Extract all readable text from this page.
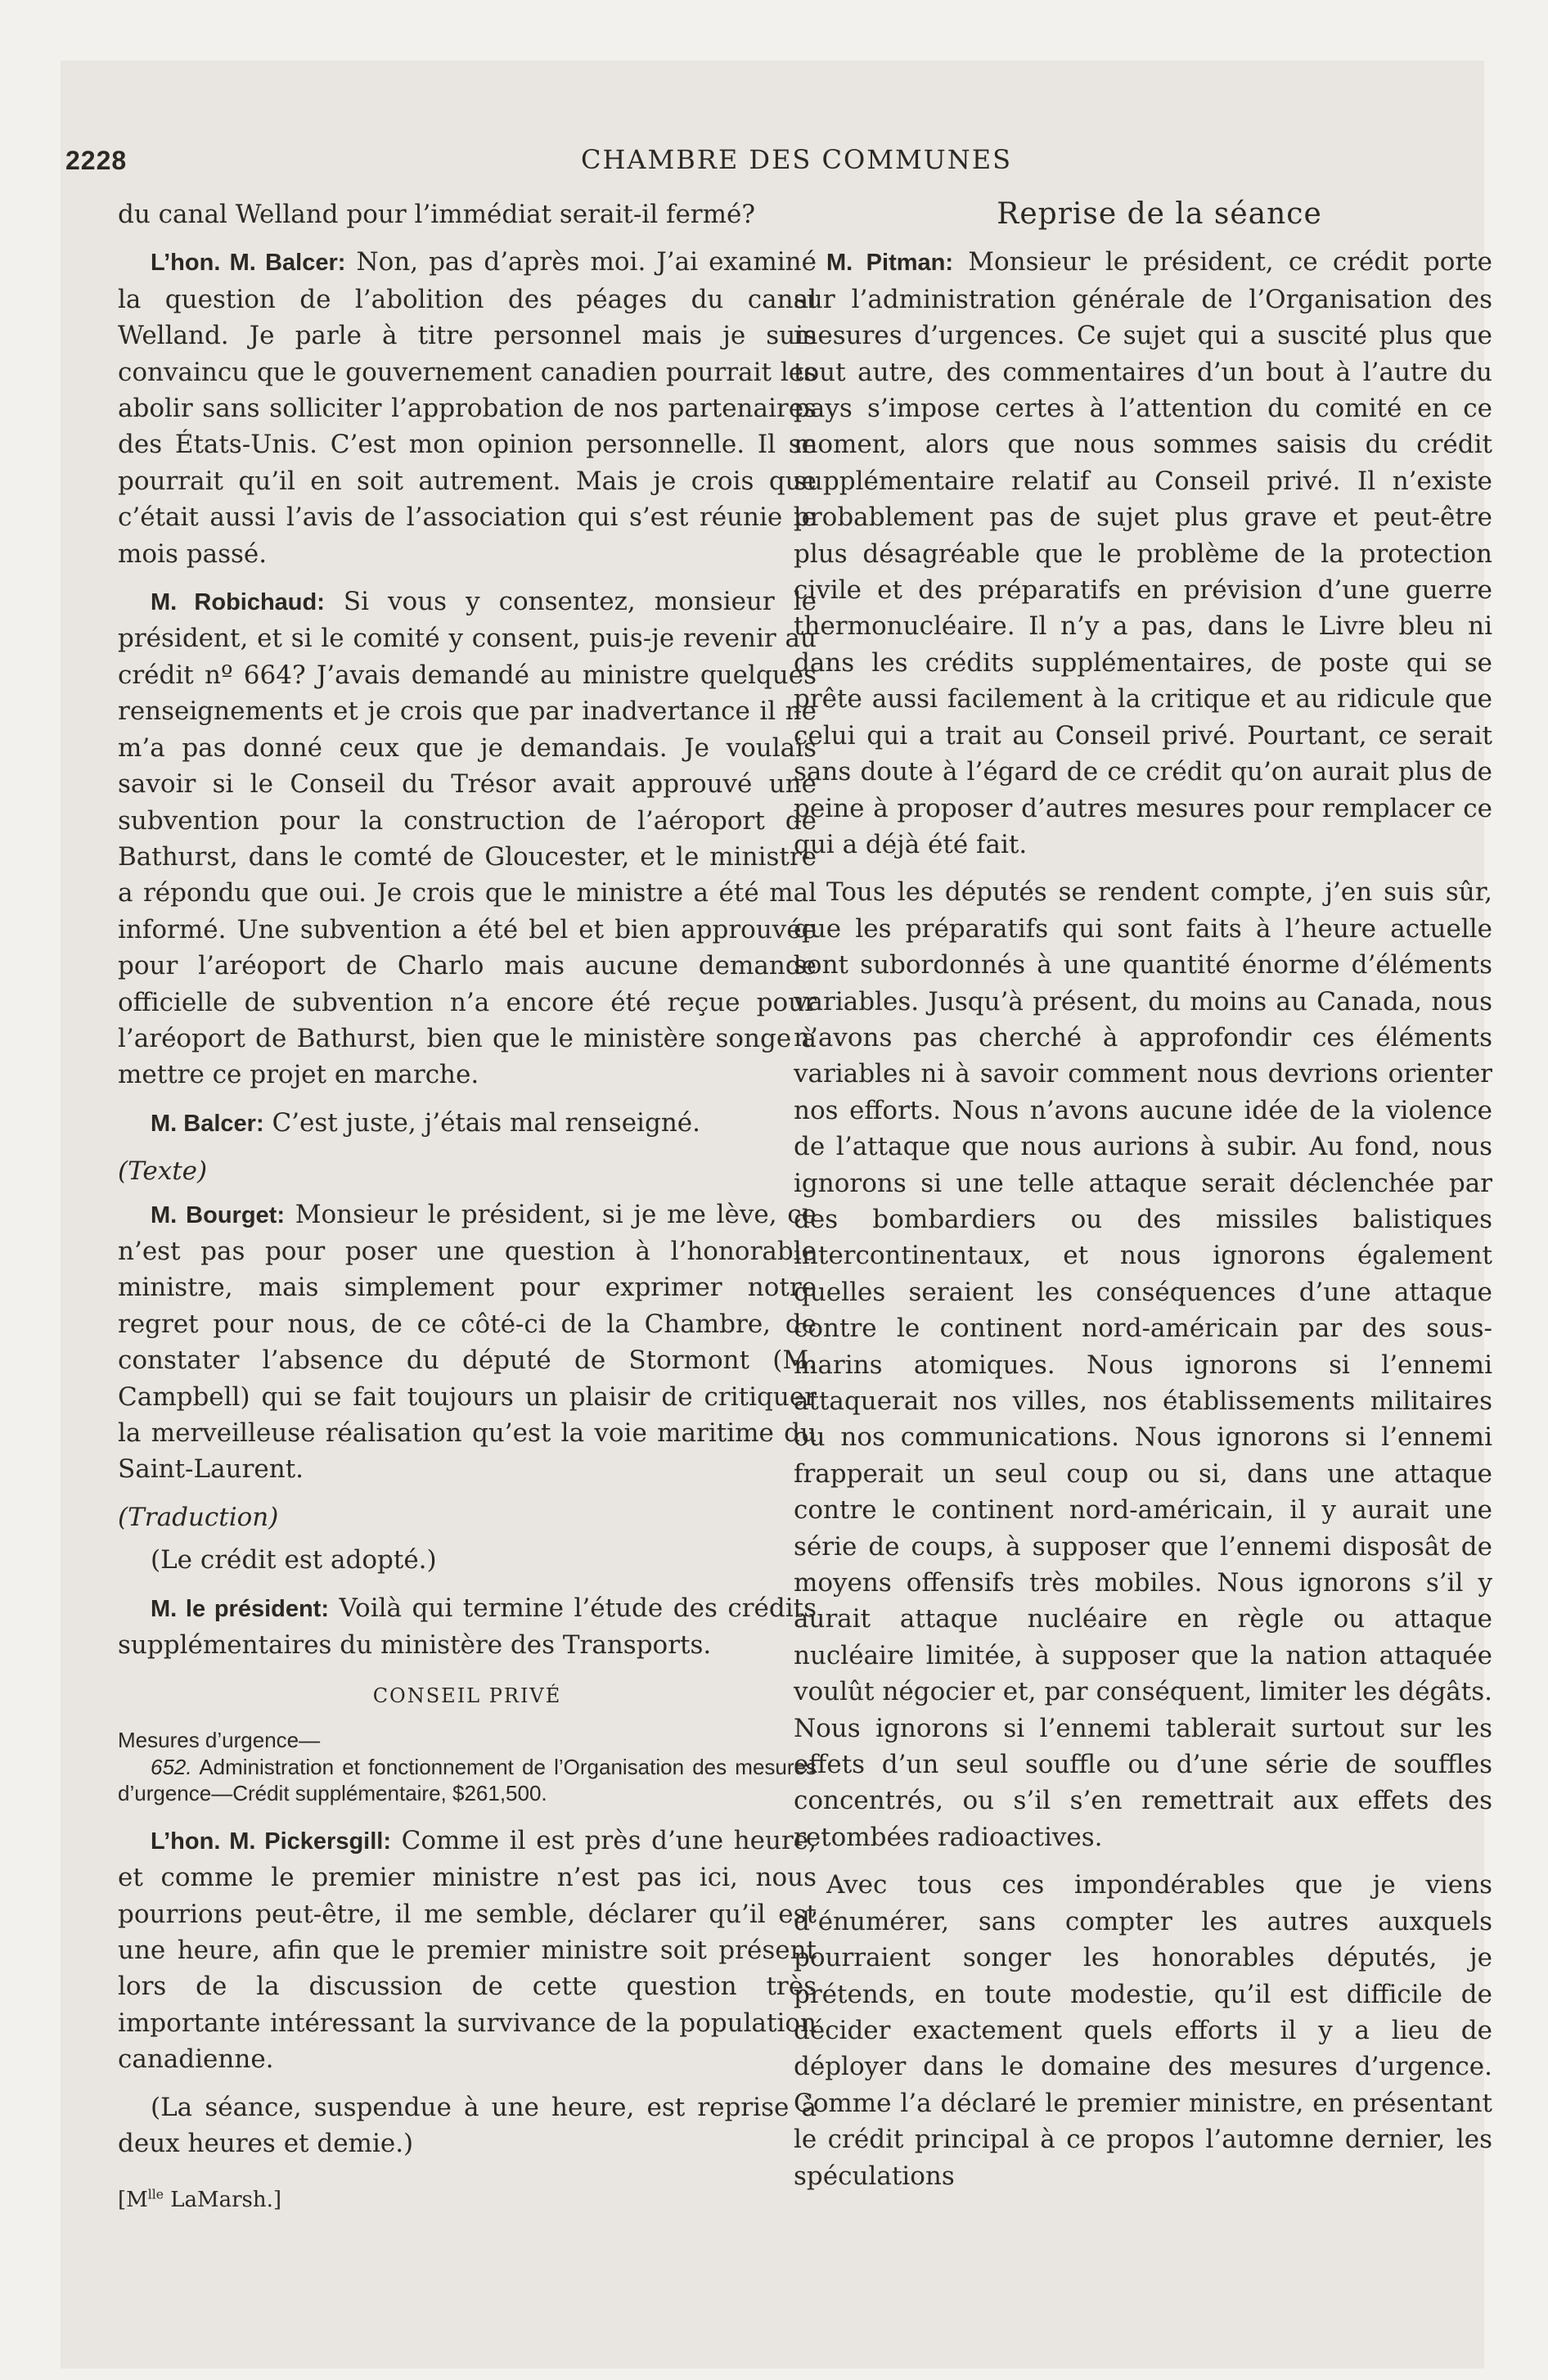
2228	CHAMBRE DES COMMUNES

du canal Welland pour l’immédiat serait-il fermé?

L’hon. M. Balcer: Non, pas d’après moi. J’ai examiné la question de l’abolition des péages du canal Welland. Je parle à titre personnel mais je suis convaincu que le gouvernement canadien pourrait les abolir sans solliciter l’approbation de nos partenaires des États-Unis. C’est mon opinion personnelle. Il se pourrait qu’il en soit autrement. Mais je crois que c’était aussi l’avis de l’association qui s’est réunie le mois passé.

M. Robichaud: Si vous y consentez, monsieur le président, et si le comité y consent, puis-je revenir au crédit nº 664? J’avais demandé au ministre quelques renseignements et je crois que par inadvertance il ne m’a pas donné ceux que je demandais. Je voulais savoir si le Conseil du Trésor avait approuvé une subvention pour la construction de l’aéroport de Bathurst, dans le comté de Gloucester, et le ministre a répondu que oui. Je crois que le ministre a été mal informé. Une subvention a été bel et bien approuvée pour l’aréoport de Charlo mais aucune demande officielle de subvention n’a encore été reçue pour l’aréoport de Bathurst, bien que le ministère songe à mettre ce projet en marche.

M. Balcer: C’est juste, j’étais mal renseigné.

(Texte)

M. Bourget: Monsieur le président, si je me lève, ce n’est pas pour poser une question à l’honorable ministre, mais simplement pour exprimer notre regret pour nous, de ce côté-ci de la Chambre, de constater l’absence du député de Stormont (M. Campbell) qui se fait toujours un plaisir de critiquer la merveilleuse réalisation qu’est la voie maritime du Saint-Laurent.

(Traduction)

(Le crédit est adopté.)

M. le président: Voilà qui termine l’étude des crédits supplémentaires du ministère des Transports.

CONSEIL PRIVÉ

Mesures d’urgence—

652. Administration et fonctionnement de l’Organisation des mesures d’urgence—Crédit supplémentaire, $261,500.

L’hon. M. Pickersgill: Comme il est près d’une heure, et comme le premier ministre n’est pas ici, nous pourrions peut-être, il me semble, déclarer qu’il est une heure, afin que le premier ministre soit présent lors de la discussion de cette question très importante intéressant la survivance de la population canadienne.

(La séance, suspendue à une heure, est reprise à deux heures et demie.)

[$M^{lle}$ LaMarsh.]

Reprise de la séance

M. Pitman: Monsieur le président, ce crédit porte sur l’administration générale de l’Organisation des mesures d’urgences. Ce sujet qui a suscité plus que tout autre, des commentaires d’un bout à l’autre du pays s’impose certes à l’attention du comité en ce moment, alors que nous sommes saisis du crédit supplémentaire relatif au Conseil privé. Il n’existe probablement pas de sujet plus grave et peut-être plus désagréable que le problème de la protection civile et des préparatifs en prévision d’une guerre thermonucléaire. Il n’y a pas, dans le Livre bleu ni dans les crédits supplémentaires, de poste qui se prête aussi facilement à la critique et au ridicule que celui qui a trait au Conseil privé. Pourtant, ce serait sans doute à l’égard de ce crédit qu’on aurait plus de peine à proposer d’autres mesures pour remplacer ce qui a déjà été fait.

Tous les députés se rendent compte, j’en suis sûr, que les préparatifs qui sont faits à l’heure actuelle sont subordonnés à une quantité énorme d’éléments variables. Jusqu’à présent, du moins au Canada, nous n’avons pas cherché à approfondir ces éléments variables ni à savoir comment nous devrions orienter nos efforts. Nous n’avons aucune idée de la violence de l’attaque que nous aurions à subir. Au fond, nous ignorons si une telle attaque serait déclenchée par des bombardiers ou des missiles balistiques intercontinentaux, et nous ignorons également quelles seraient les conséquences d’une attaque contre le continent nord-américain par des sous-marins atomiques. Nous ignorons si l’ennemi attaquerait nos villes, nos établissements militaires ou nos communications. Nous ignorons si l’ennemi frapperait un seul coup ou si, dans une attaque contre le continent nord-américain, il y aurait une série de coups, à supposer que l’ennemi disposât de moyens offensifs très mobiles. Nous ignorons s’il y aurait attaque nucléaire en règle ou attaque nucléaire limitée, à supposer que la nation attaquée voulût négocier et, par conséquent, limiter les dégâts. Nous ignorons si l’ennemi tablerait surtout sur les effets d’un seul souffle ou d’une série de souffles concentrés, ou s’il s’en remettrait aux effets des retombées radioactives.

Avec tous ces impondérables que je viens d’énumérer, sans compter les autres auxquels pourraient songer les honorables députés, je prétends, en toute modestie, qu’il est difficile de décider exactement quels efforts il y a lieu de déployer dans le domaine des mesures d’urgence. Comme l’a déclaré le premier ministre, en présentant le crédit principal à ce propos l’automne dernier, les spéculations
